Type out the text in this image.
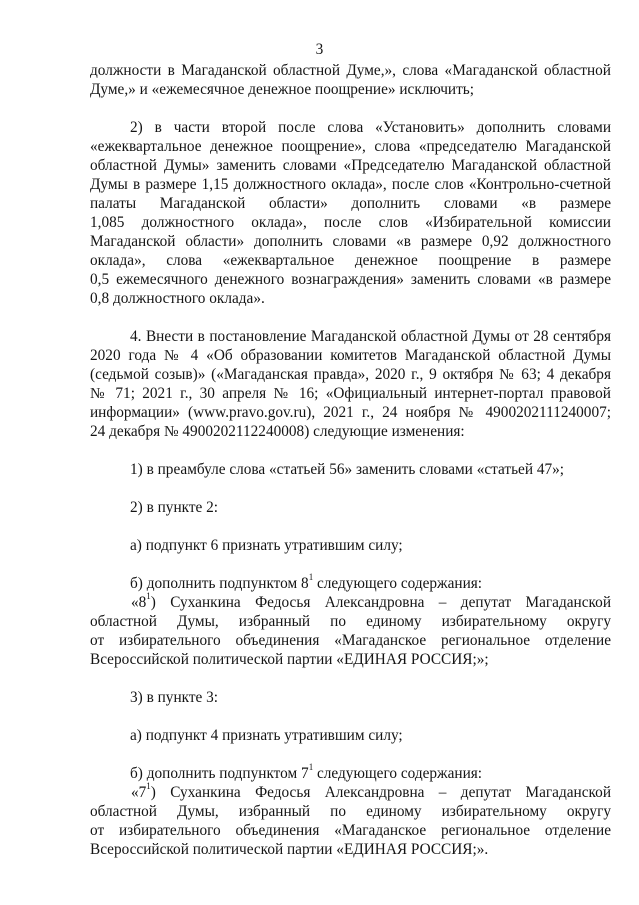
3
должности в Магаданской областной Думе,», слова «Магаданской областной
Думе,» и «ежемесячное денежное поощрение» исключить;
2) в части второй после слова «Установить» дополнить словами
«ежеквартальное денежное поощрение», слова «председателю Магаданской
областной Думы» заменить словами «Председателю Магаданской областной
Думы в размере 1,15 должностного оклада», после слов «Контрольно-счетной
палаты Магаданской области» дополнить словами «в размере
1,085 должностного оклада», после слов «Избирательной комиссии
Магаданской области» дополнить словами «в размере 0,92 должностного
оклада», слова «ежеквартальное денежное поощрение в размере
0,5 ежемесячного денежного вознаграждения» заменить словами «в размере
0,8 должностного оклада».
4. Внести в постановление Магаданской областной Думы от 28 сентября
2020 года № 4 «Об образовании комитетов Магаданской областной Думы
(седьмой созыв)» («Магаданская правда», 2020 г., 9 октября № 63; 4 декабря
№ 71; 2021 г., 30 апреля № 16; «Официальный интернет-портал правовой
информации» (www.pravo.gov.ru), 2021 г., 24 ноября № 4900202111240007;
24 декабря № 4900202112240008) следующие изменения:
1) в преамбуле слова «статьей 56» заменить словами «статьей 47»;
2) в пункте 2:
а) подпункт 6 признать утратившим силу;
б) дополнить подпунктом $8^1$ следующего содержания:
«$8^1$) Суханкина Федосья Александровна – депутат Магаданской
областной Думы, избранный по единому избирательному округу
от избирательного объединения «Магаданское региональное отделение
Всероссийской политической партии «ЕДИНАЯ РОССИЯ;»;
3) в пункте 3:
а) подпункт 4 признать утратившим силу;
б) дополнить подпунктом $7^1$ следующего содержания:
«$7^1$) Суханкина Федосья Александровна – депутат Магаданской
областной Думы, избранный по единому избирательному округу
от избирательного объединения «Магаданское региональное отделение
Всероссийской политической партии «ЕДИНАЯ РОССИЯ;».
